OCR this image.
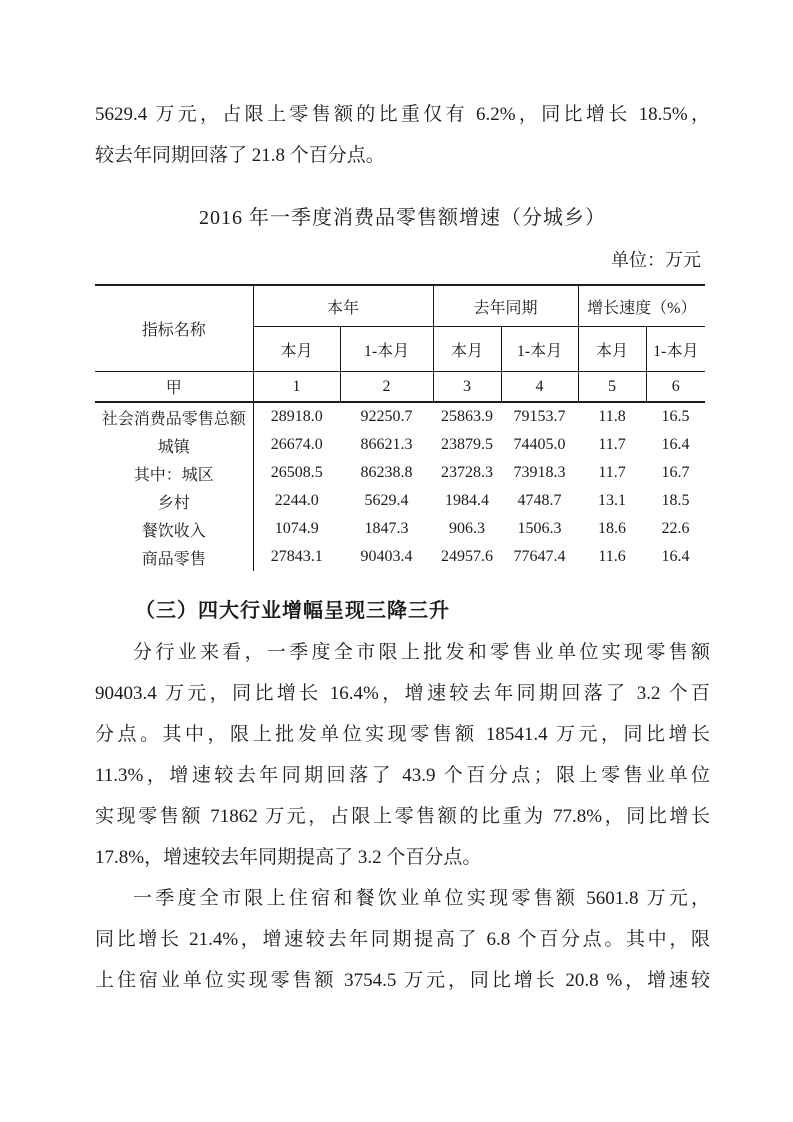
5629.4 万元，占限上零售额的比重仅有 6.2%，同比增长 18.5%，

较去年同期回落了 21.8 个百分点。

2016 年一季度消费品零售额增速（分城乡）
单位：万元
指标名称	本年		去年同期		增长速度（%）	
	本月	1-本月	本月	1-本月	本月	1-本月
甲	1	2	3	4	5	6
社会消费品零售总额	28918.0	92250.7	25863.9	79153.7	11.8	16.5
城镇	26674.0	86621.3	23879.5	74405.0	11.7	16.4
其中：城区	26508.5	86238.8	23728.3	73918.3	11.7	16.7
乡村	2244.0	5629.4	1984.4	4748.7	13.1	18.5
餐饮收入	1074.9	1847.3	906.3	1506.3	18.6	22.6
商品零售	27843.1	90403.4	24957.6	77647.4	11.6	16.4
（三）四大行业增幅呈现三降三升

分行业来看，一季度全市限上批发和零售业单位实现零售额

90403.4 万元，同比增长 16.4%，增速较去年同期回落了 3.2 个百

分点。其中，限上批发单位实现零售额 18541.4 万元，同比增长

11.3%，增速较去年同期回落了 43.9 个百分点；限上零售业单位

实现零售额 71862 万元，占限上零售额的比重为 77.8%，同比增长

17.8%，增速较去年同期提高了 3.2 个百分点。

一季度全市限上住宿和餐饮业单位实现零售额 5601.8 万元，

同比增长 21.4%，增速较去年同期提高了 6.8 个百分点。其中，限

上住宿业单位实现零售额 3754.5 万元，同比增长 20.8 %，增速较
